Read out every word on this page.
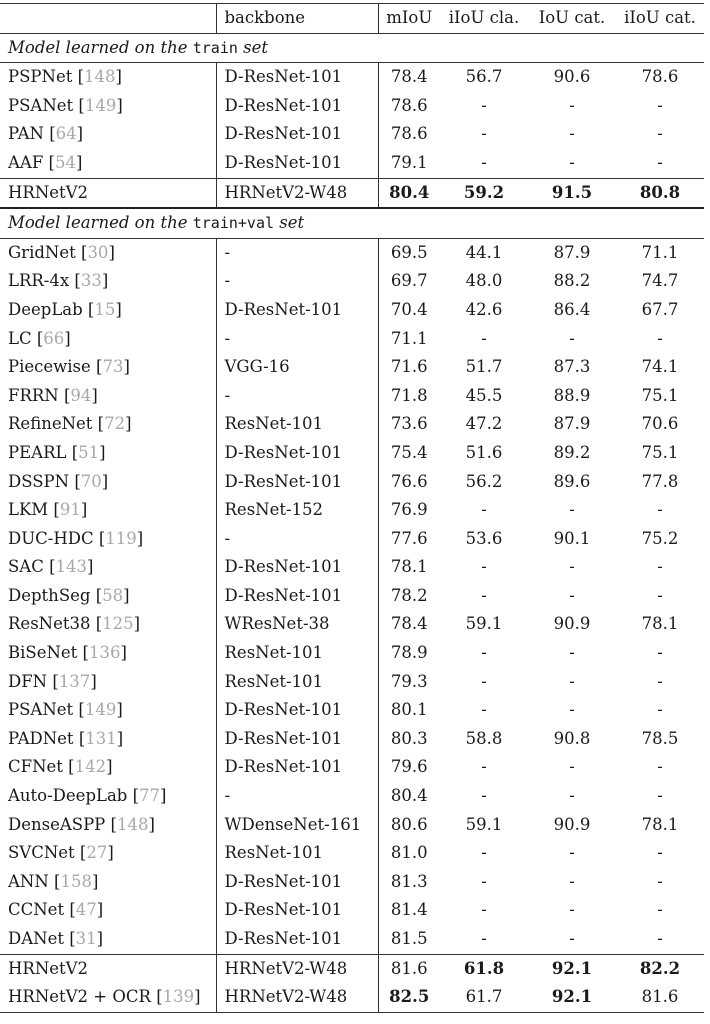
	backbone	mIoU	iIoU cla.	IoU cat.	iIoU cat.
Model learned on the train set					
PSPNet [148]	D-ResNet-101	78.4	56.7	90.6	78.6
PSANet [149]	D-ResNet-101	78.6	-	-	-
PAN [64]	D-ResNet-101	78.6	-	-	-
AAF [54]	D-ResNet-101	79.1	-	-	-
HRNetV2	HRNetV2-W48	80.4	59.2	91.5	80.8
Model learned on the train+val set					
GridNet [30]	-	69.5	44.1	87.9	71.1
LRR-4x [33]	-	69.7	48.0	88.2	74.7
DeepLab [15]	D-ResNet-101	70.4	42.6	86.4	67.7
LC [66]	-	71.1	-	-	-
Piecewise [73]	VGG-16	71.6	51.7	87.3	74.1
FRRN [94]	-	71.8	45.5	88.9	75.1
RefineNet [72]	ResNet-101	73.6	47.2	87.9	70.6
PEARL [51]	D-ResNet-101	75.4	51.6	89.2	75.1
DSSPN [70]	D-ResNet-101	76.6	56.2	89.6	77.8
LKM [91]	ResNet-152	76.9	-	-	-
DUC-HDC [119]	-	77.6	53.6	90.1	75.2
SAC [143]	D-ResNet-101	78.1	-	-	-
DepthSeg [58]	D-ResNet-101	78.2	-	-	-
ResNet38 [125]	WResNet-38	78.4	59.1	90.9	78.1
BiSeNet [136]	ResNet-101	78.9	-	-	-
DFN [137]	ResNet-101	79.3	-	-	-
PSANet [149]	D-ResNet-101	80.1	-	-	-
PADNet [131]	D-ResNet-101	80.3	58.8	90.8	78.5
CFNet [142]	D-ResNet-101	79.6	-	-	-
Auto-DeepLab [77]	-	80.4	-	-	-
DenseASPP [148]	WDenseNet-161	80.6	59.1	90.9	78.1
SVCNet [27]	ResNet-101	81.0	-	-	-
ANN [158]	D-ResNet-101	81.3	-	-	-
CCNet [47]	D-ResNet-101	81.4	-	-	-
DANet [31]	D-ResNet-101	81.5	-	-	-
HRNetV2	HRNetV2-W48	81.6	61.8	92.1	82.2
HRNetV2 + OCR [139]	HRNetV2-W48	82.5	61.7	92.1	81.6
